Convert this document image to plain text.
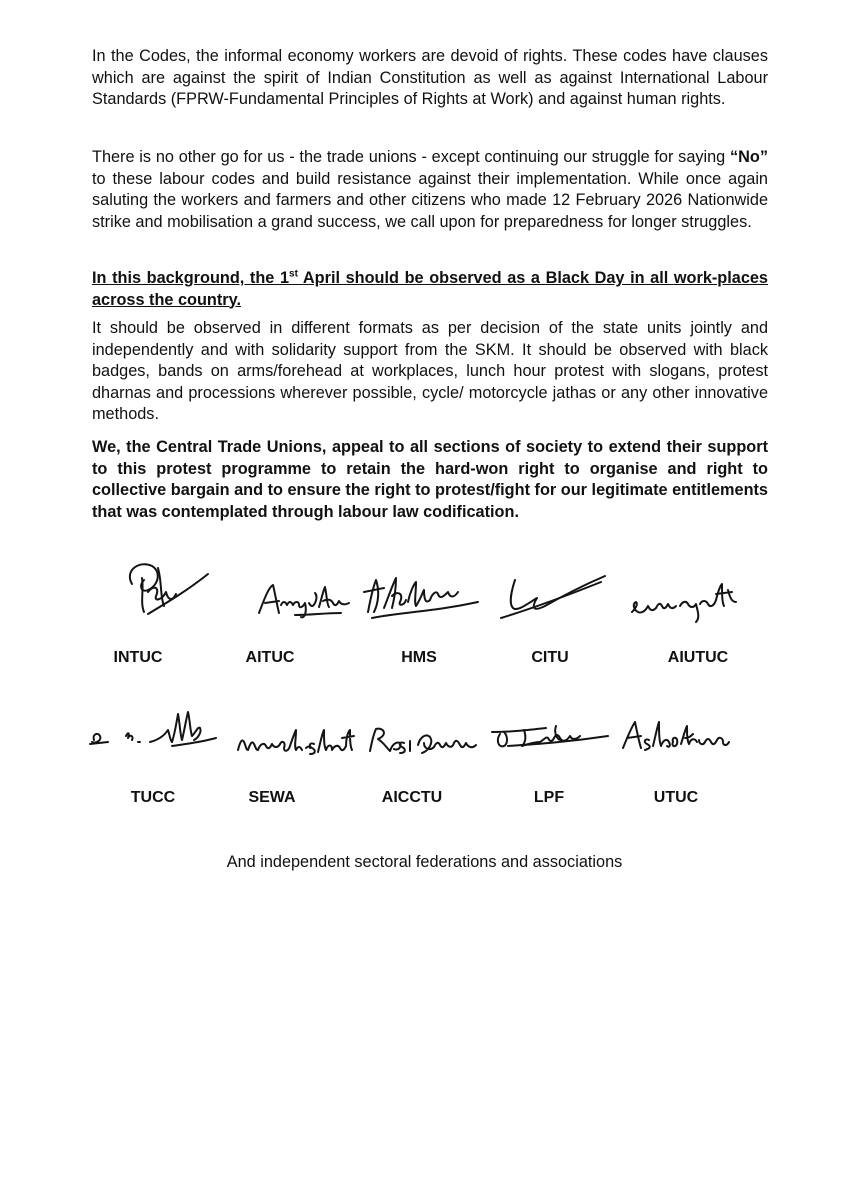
In the Codes, the informal economy workers are devoid of rights. These codes have clauses which are against the spirit of Indian Constitution as well as against International Labour Standards (FPRW-Fundamental Principles of Rights at Work) and against human rights.

There is no other go for us - the trade unions - except continuing our struggle for saying “No” to these labour codes and build resistance against their implementation. While once again saluting the workers and farmers and other citizens who made 12 February 2026 Nationwide strike and mobilisation a grand success, we call upon for preparedness for longer struggles.

In this background, the 1st April should be observed as a Black Day in all work-places across the country.

It should be observed in different formats as per decision of the state units jointly and independently and with solidarity support from the SKM. It should be observed with black badges, bands on arms/forehead at workplaces, lunch hour protest with slogans, protest dharnas and processions wherever possible, cycle/ motorcycle jathas or any other innovative methods.

We, the Central Trade Unions, appeal to all sections of society to extend their support to this protest programme to retain the hard-won right to organise and right to collective bargain and to ensure the right to protest/fight for our legitimate entitlements that was contemplated through labour law codification.

INTUC	AITUC	HMS	CITU	AIUTUC
TUCC	SEWA	AICCTU	LPF	UTUC
And independent sectoral federations and associations
